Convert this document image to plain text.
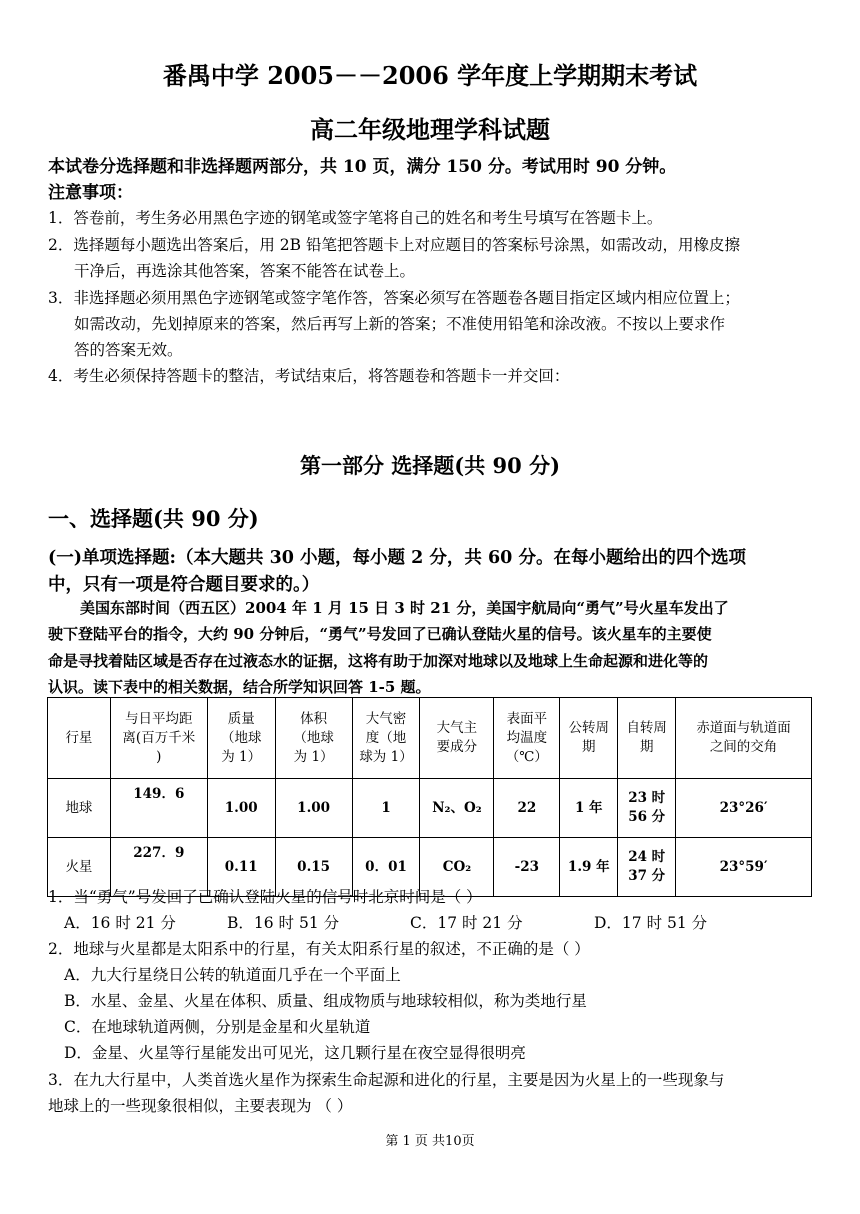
番禺中学 2005－－2006 学年度上学期期末考试
高二年级地理学科试题
本试卷分选择题和非选择题两部分，共 10 页，满分 150 分。考试用时 90 分钟。
注意事项：
1．答卷前，考生务必用黑色字迹的钢笔或签字笔将自己的姓名和考生号填写在答题卡上。
2．选择题每小题选出答案后，用 2B 铅笔把答题卡上对应题目的答案标号涂黑，如需改动，用橡皮擦
干净后，再选涂其他答案，答案不能答在试卷上。
3．非选择题必须用黑色字迹钢笔或签字笔作答，答案必须写在答题卷各题目指定区域内相应位置上；
如需改动，先划掉原来的答案，然后再写上新的答案；不准使用铅笔和涂改液。不按以上要求作
答的答案无效。
4．考生必须保持答题卡的整洁，考试结束后，将答题卷和答题卡一并交回：
第一部分 选择题(共 90 分)
一、选择题(共 90 分)
(一)单项选择题:（本大题共 30 小题，每小题 2 分，共 60 分。在每小题给出的四个选项
中，只有一项是符合题目要求的。）
美国东部时间（西五区）2004 年 1 月 15 日 3 时 21 分，美国宇航局向“勇气”号火星车发出了
驶下登陆平台的指令，大约 90 分钟后，“勇气”号发回了已确认登陆火星的信号。该火星车的主要使
命是寻找着陆区域是否存在过液态水的证据，这将有助于加深对地球以及地球上生命起源和进化等的
认识。读下表中的相关数据，结合所学知识回答 1-5 题。
行星	与日平均距
离(百万千米
)	质量
（地球
为 1）	体积
（地球
为 1）	大气密
度（地
球为 1）	大气主
要成分	表面平
均温度
（℃）	公转周
期	自转周
期	赤道面与轨道面
之间的交角
地球	149．6	1.00	1.00	1	N₂、O₂	22	1 年	23 时
56 分	23°26′
火星	227．9	0.11	0.15	0．01	CO₂	-23	1.9 年	24 时
37 分	23°59′
1．当“勇气”号发回了已确认登陆火星的信号时北京时间是（ ）
A．16 时 21 分	B．16 时 51 分	C．17 时 21 分	D．17 时 51 分
2．地球与火星都是太阳系中的行星，有关太阳系行星的叙述，不正确的是（ ）
A．九大行星绕日公转的轨道面几乎在一个平面上
B．水星、金星、火星在体积、质量、组成物质与地球较相似，称为类地行星
C．在地球轨道两侧，分别是金星和火星轨道
D．金星、火星等行星能发出可见光，这几颗行星在夜空显得很明亮
3．在九大行星中，人类首选火星作为探索生命起源和进化的行星，主要是因为火星上的一些现象与
地球上的一些现象很相似，主要表现为 （ ）
第 1 页 共10页
